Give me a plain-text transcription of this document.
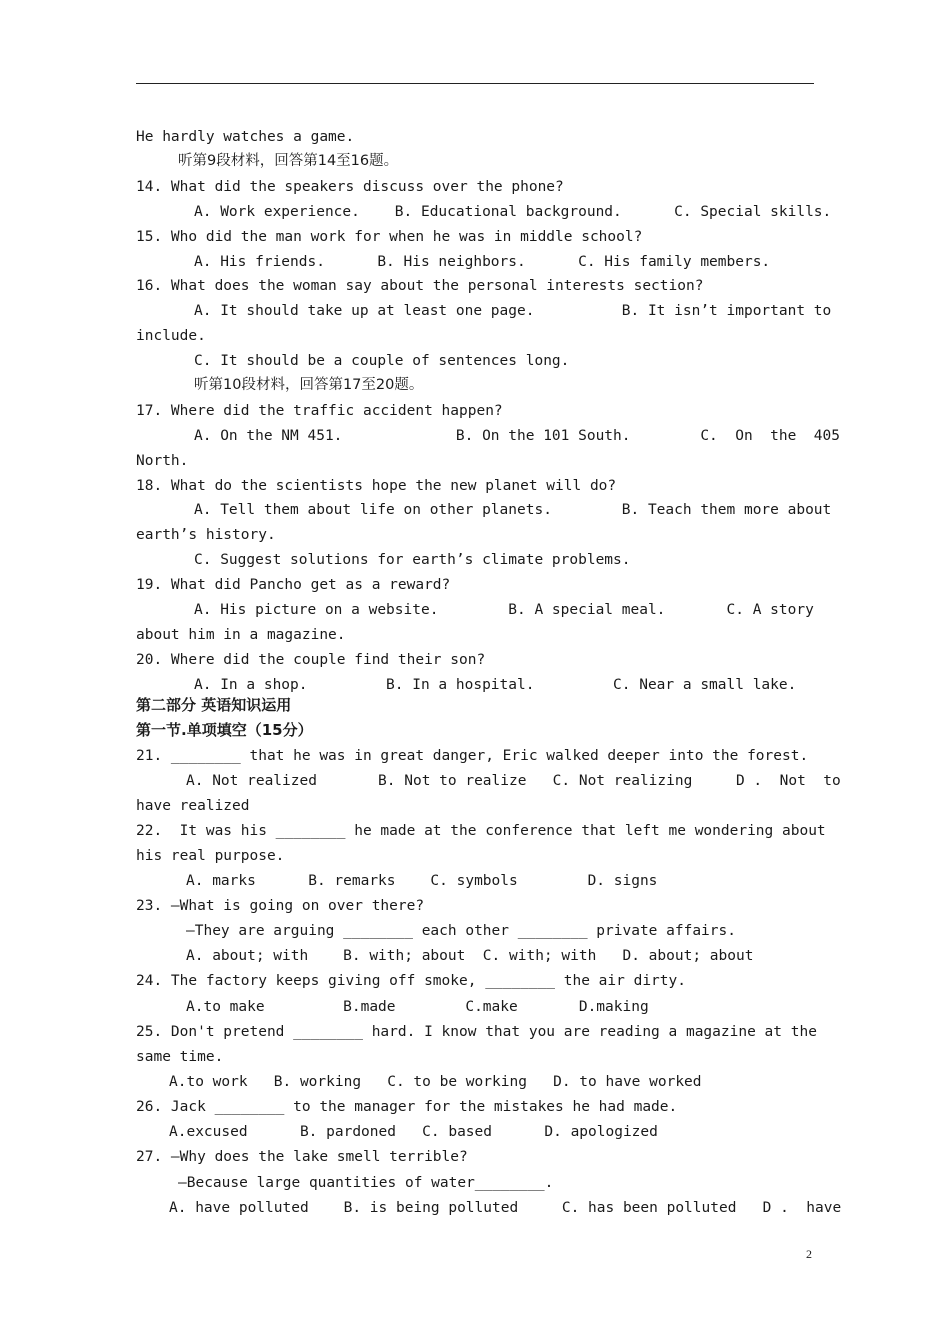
He hardly watches a game.
听第9段材料，回答第14至16题。
14. What did the speakers discuss over the phone?
A. Work experience.    B. Educational background.      C. Special skills.
15. Who did the man work for when he was in middle school?
A. His friends.      B. His neighbors.      C. His family members.
16. What does the woman say about the personal interests section?
A. It should take up at least one page.          B. It isn’t important to
include.
C. It should be a couple of sentences long.
听第10段材料，回答第17至20题。
17. Where did the traffic accident happen?
A. On the NM 451.             B. On the 101 South.        C.  On  the  405
North.
18. What do the scientists hope the new planet will do?
A. Tell them about life on other planets.        B. Teach them more about
earth’s history.
C. Suggest solutions for earth’s climate problems.
19. What did Pancho get as a reward?
A. His picture on a website.        B. A special meal.       C. A story
about him in a magazine.
20. Where did the couple find their son?
A. In a shop.         B. In a hospital.         C. Near a small lake.
第二部分 英语知识运用
第一节.单项填空（15分）
21. ________ that he was in great danger, Eric walked deeper into the forest.
A. Not realized       B. Not to realize   C. Not realizing     D .  Not  to
have realized
22.  It was his ________ he made at the conference that left me wondering about
his real purpose.
A. marks      B. remarks    C. symbols        D. signs
23. —What is going on over there?
—They are arguing ________ each other ________ private affairs.
A. about; with    B. with; about  C. with; with   D. about; about
24. The factory keeps giving off smoke, ________ the air dirty.
A.to make         B.made        C.make       D.making
25. Don't pretend ________ hard. I know that you are reading a magazine at the
same time.
A.to work   B. working   C. to be working   D. to have worked
26. Jack ________ to the manager for the mistakes he had made.
A.excused      B. pardoned   C. based      D. apologized
27. —Why does the lake smell terrible?
—Because large quantities of water________.
A. have polluted    B. is being polluted     C. has been polluted   D .  have
2
